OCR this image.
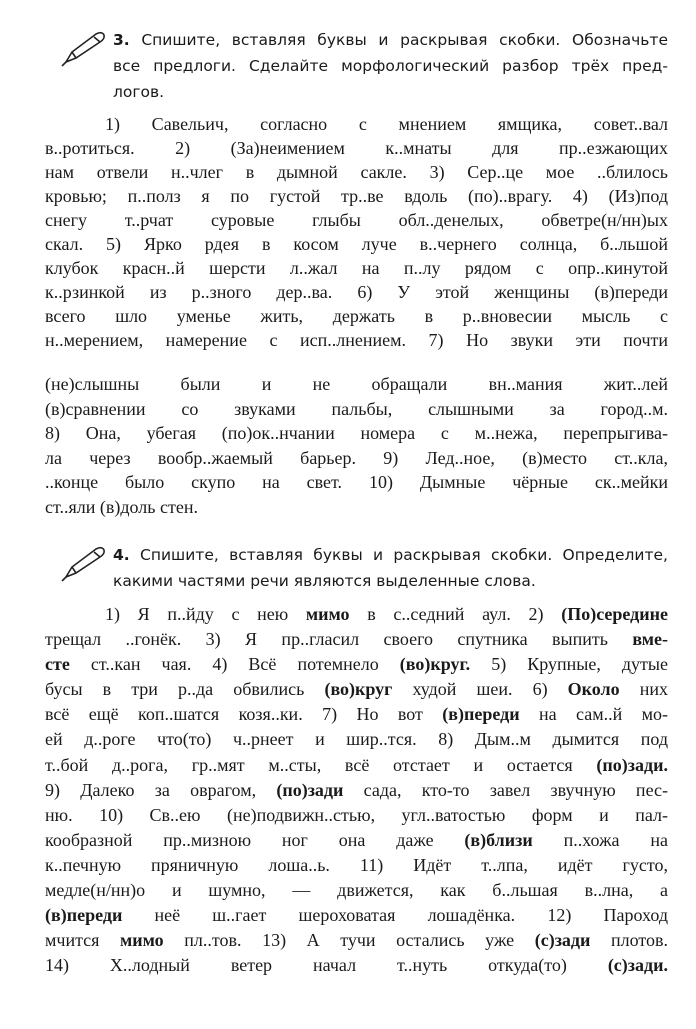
3. Спишите, вставляя буквы и раскрывая скобки. Обозначьте
все предлоги. Сделайте морфологический разбор трёх пред-
логов.
1) Савельич, согласно с мнением ямщика, совет..вал
в..ротиться. 2) (За)неимением к..мнаты для пр..езжающих
нам отвели н..члег в дымной сакле. 3) Сер..це мое ..блилось
кровью; п..полз я по густой тр..ве вдоль (по)..врагу. 4) (Из)под
снегу т..рчат суровые глыбы обл..денелых, обветре(н/нн)ых
скал. 5) Ярко рдея в косом луче в..чернего солнца, б..льшой
клубок красн..й шерсти л..жал на п..лу рядом с опр..кинутой
к..рзинкой из р..зного дер..ва. 6) У этой женщины (в)переди
всего шло уменье жить, держать в р..вновесии мысль с
н..мерением, намерение с исп..лнением. 7) Но звуки эти почти
(не)слышны были и не обращали вн..мания жит..лей
(в)сравнении со звуками пальбы, слышными за город..м.
8) Она, убегая (по)ок..нчании номера с м..нежа, перепрыгива-
ла через вообр..жаемый барьер. 9) Лед..ное, (в)место ст..кла,
..конце было скупо на свет. 10) Дымные чёрные ск..мейки
ст..яли (в)доль стен.
4. Спишите, вставляя буквы и раскрывая скобки. Определите,
какими частями речи являются выделенные слова.
1) Я п..йду с нею мимо в с..седний аул. 2) (По)середине
трещал ..гонёк. 3) Я пр..гласил своего спутника выпить вме-
сте ст..кан чая. 4) Всё потемнело (во)круг. 5) Крупные, дутые
бусы в три р..да обвились (во)круг худой шеи. 6) Около них
всё ещё коп..шатся козя..ки. 7) Но вот (в)переди на сам..й мо-
ей д..роге что(то) ч..рнеет и шир..тся. 8) Дым..м дымится под
т..бой д..рога, гр..мят м..сты, всё отстает и остается (по)зади.
9) Далеко за оврагом, (по)зади сада, кто-то завел звучную пес-
ню. 10) Св..ею (не)подвижн..стью, угл..ватостью форм и пал-
кообразной пр..мизною ног она даже (в)близи п..хожа на
к..печную пряничную лоша..ь. 11) Идёт т..лпа, идёт густо,
медле(н/нн)о и шумно, — движется, как б..льшая в..лна, а
(в)переди неё ш..гает шероховатая лошадёнка. 12) Пароход
мчится мимо пл..тов. 13) А тучи остались уже (с)зади плотов.
14) Х..лодный ветер начал т..нуть откуда(то) (с)зади.
